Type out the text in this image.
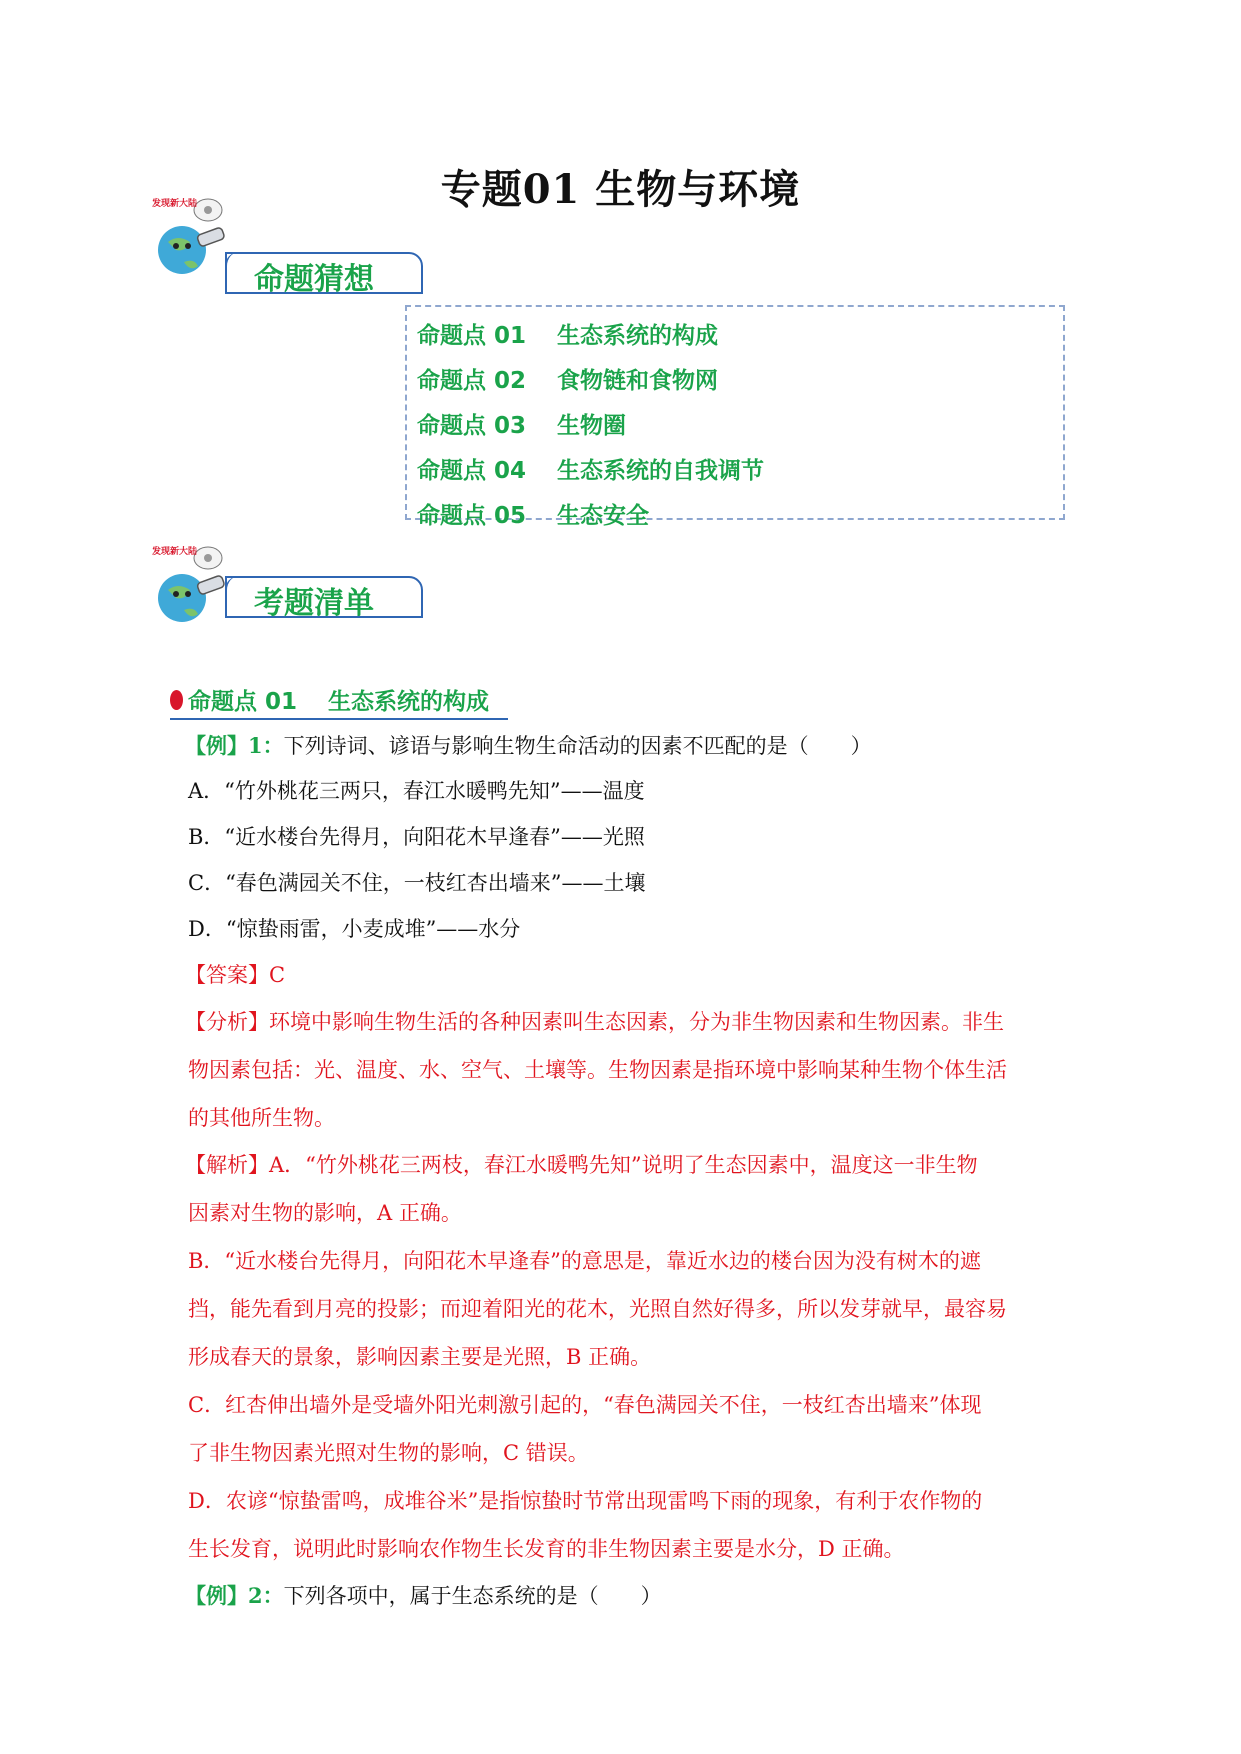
专题01 生物与环境
发现新大陆
命题猜想
命题点 01 生态系统的构成
命题点 02 食物链和食物网
命题点 03 生物圈
命题点 04 生态系统的自我调节
命题点 05 生态安全
发现新大陆
考题清单
命题点 01 生态系统的构成
【例】1：下列诗词、谚语与影响生物生命活动的因素不匹配的是（　　）
A．“竹外桃花三两只，春江水暖鸭先知”——温度
B．“近水楼台先得月，向阳花木早逢春”——光照
C．“春色满园关不住，一枝红杏出墙来”——土壤
D．“惊蛰雨雷，小麦成堆”——水分
【答案】C
【分析】环境中影响生物生活的各种因素叫生态因素，分为非生物因素和生物因素。非生
物因素包括：光、温度、水、空气、土壤等。生物因素是指环境中影响某种生物个体生活
的其他所生物。
【解析】A．“竹外桃花三两枝，春江水暖鸭先知”说明了生态因素中，温度这一非生物
因素对生物的影响，A 正确。
B．“近水楼台先得月，向阳花木早逢春”的意思是，靠近水边的楼台因为没有树木的遮
挡，能先看到月亮的投影；而迎着阳光的花木，光照自然好得多，所以发芽就早，最容易
形成春天的景象，影响因素主要是光照，B 正确。
C．红杏伸出墙外是受墙外阳光刺激引起的，“春色满园关不住，一枝红杏出墙来”体现
了非生物因素光照对生物的影响，C 错误。
D．农谚“惊蛰雷鸣，成堆谷米”是指惊蛰时节常出现雷鸣下雨的现象，有利于农作物的
生长发育，说明此时影响农作物生长发育的非生物因素主要是水分，D 正确。
【例】2：下列各项中，属于生态系统的是（　　）
